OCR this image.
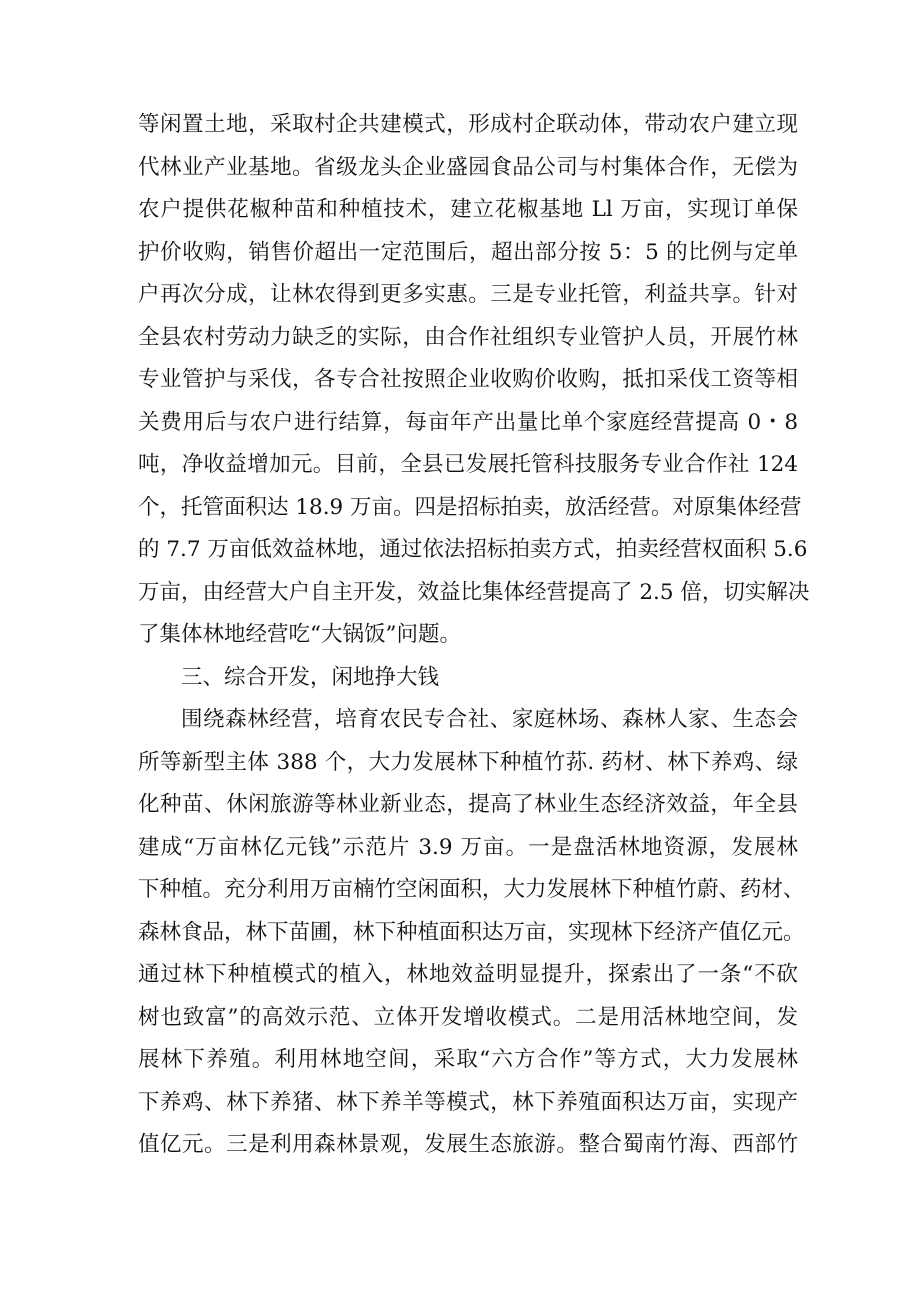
等闲置土地，采取村企共建模式，形成村企联动体，带动农户建立现
代林业产业基地。省级龙头企业盛园食品公司与村集体合作，无偿为
农户提供花椒种苗和种植技术，建立花椒基地 Ll 万亩，实现订单保
护价收购，销售价超出一定范围后，超出部分按 5：5 的比例与定单
户再次分成，让林农得到更多实惠。三是专业托管，利益共享。针对
全县农村劳动力缺乏的实际，由合作社组织专业管护人员，开展竹林
专业管护与采伐，各专合社按照企业收购价收购，抵扣采伐工资等相
关费用后与农户进行结算，每亩年产出量比单个家庭经营提高 0・8
吨，净收益增加元。目前，全县已发展托管科技服务专业合作社 124
个，托管面积达 18.9 万亩。四是招标拍卖，放活经营。对原集体经营
的 7.7 万亩低效益林地，通过依法招标拍卖方式，拍卖经营权面积 5.6
万亩，由经营大户自主开发，效益比集体经营提高了 2.5 倍，切实解决
了集体林地经营吃“大锅饭”问题。
三、综合开发，闲地挣大钱
围绕森林经营，培育农民专合社、家庭林场、森林人家、生态会
所等新型主体 388 个，大力发展林下种植竹荪. 药材、林下养鸡、绿
化种苗、休闲旅游等林业新业态，提高了林业生态经济效益，年全县
建成“万亩林亿元钱”示范片 3.9 万亩。一是盘活林地资源，发展林
下种植。充分利用万亩楠竹空闲面积，大力发展林下种植竹蔚、药材、
森林食品，林下苗圃，林下种植面积达万亩，实现林下经济产值亿元。
通过林下种植模式的植入，林地效益明显提升，探索出了一条“不砍
树也致富”的高效示范、立体开发增收模式。二是用活林地空间，发
展林下养殖。利用林地空间，采取“六方合作”等方式，大力发展林
下养鸡、林下养猪、林下养羊等模式，林下养殖面积达万亩，实现产
值亿元。三是利用森林景观，发展生态旅游。整合蜀南竹海、西部竹
